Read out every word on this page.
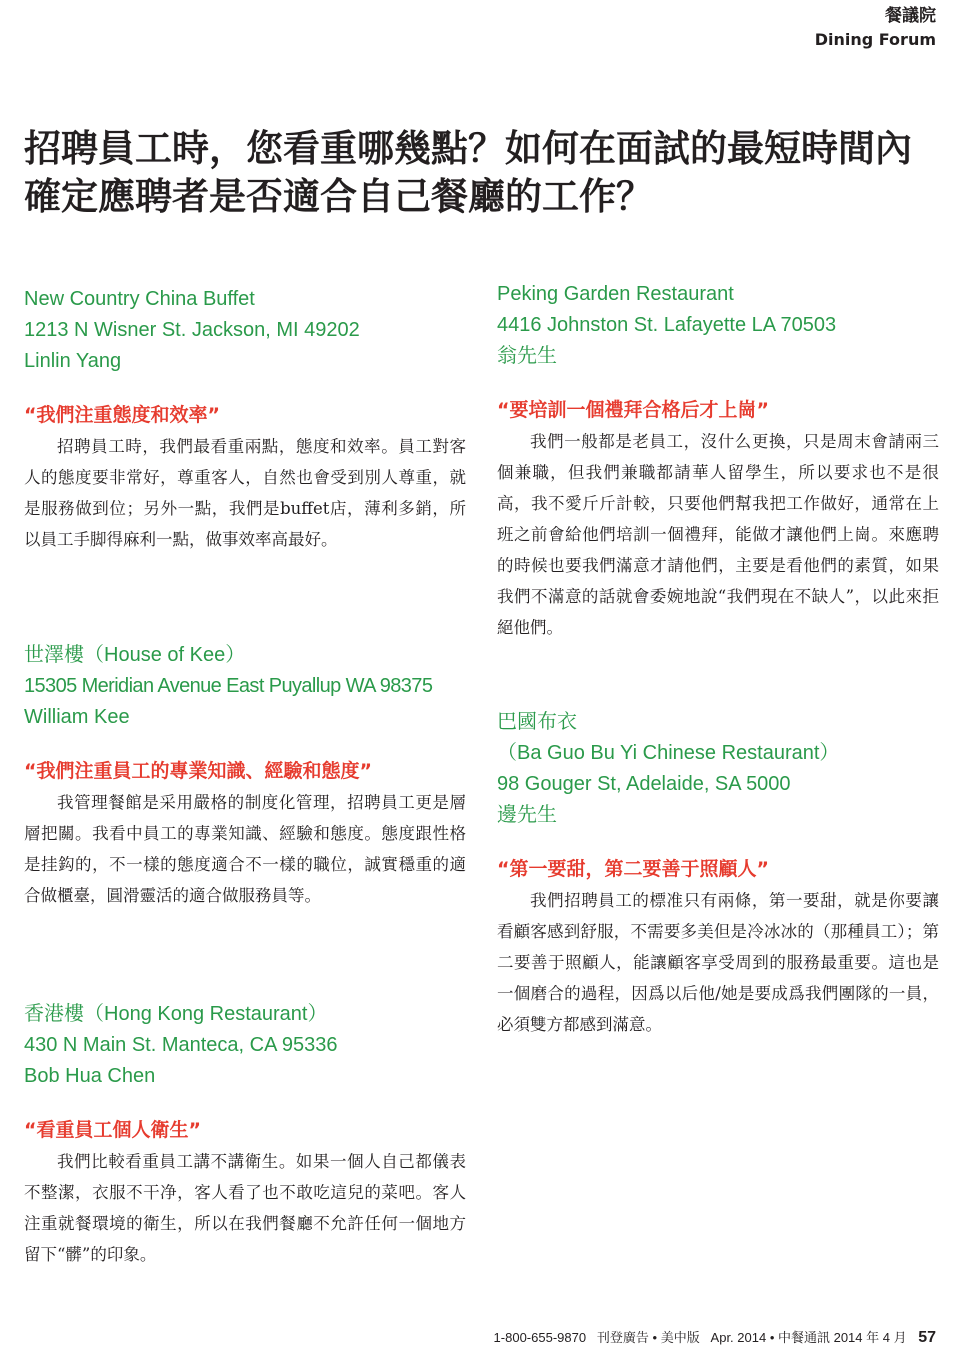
餐議院
Dining Forum
招聘員工時，您看重哪幾點？如何在面試的最短時間內確定應聘者是否適合自己餐廳的工作？
New Country China Buffet
1213 N Wisner St. Jackson, MI 49202
Linlin Yang
“我們注重態度和效率”

招聘員工時，我們最看重兩點，態度和效率。員工對客人的態度要非常好，尊重客人，自然也會受到別人尊重，就是服務做到位；另外一點，我們是buffet店，薄利多銷，所以員工手脚得麻利一點，做事效率高最好。

世澤樓（House of Kee）
15305 Meridian Avenue East Puyallup WA 98375
William Kee
“我們注重員工的專業知識、經驗和態度”

我管理餐館是采用嚴格的制度化管理，招聘員工更是層層把關。我看中員工的專業知識、經驗和態度。態度跟性格是挂鈎的，不一樣的態度適合不一樣的職位，誠實穩重的適合做櫃臺，圓滑靈活的適合做服務員等。

香港樓（Hong Kong Restaurant）
430 N Main St. Manteca, CA 95336
Bob Hua Chen
“看重員工個人衛生”

我們比較看重員工講不講衛生。如果一個人自己都儀表不整潔，衣服不干净，客人看了也不敢吃這兒的菜吧。客人注重就餐環境的衛生，所以在我們餐廳不允許任何一個地方留下“髒”的印象。

Peking Garden Restaurant
4416 Johnston St. Lafayette LA 70503
翁先生
“要培訓一個禮拜合格后才上崗”

我們一般都是老員工，沒什么更換，只是周末會請兩三個兼職，但我們兼職都請華人留學生，所以要求也不是很高，我不愛斤斤計較，只要他們幫我把工作做好，通常在上班之前會給他們培訓一個禮拜，能做才讓他們上崗。來應聘的時候也要我們滿意才請他們，主要是看他們的素質，如果我們不滿意的話就會委婉地說“我們現在不缺人”，以此來拒絕他們。

巴國布衣
（Ba Guo Bu Yi Chinese Restaurant）
98 Gouger St, Adelaide, SA 5000
邊先生
“第一要甜，第二要善于照顧人”

我們招聘員工的標准只有兩條，第一要甜，就是你要讓看顧客感到舒服，不需要多美但是冷冰冰的（那種員工）；第二要善于照顧人，能讓顧客享受周到的服務最重要。這也是一個磨合的過程，因爲以后他/她是要成爲我們團隊的一員，必須雙方都感到滿意。

1-800-655-9870 刊登廣告 • 美中版 Apr. 2014 • 中餐通訊 2014 年 4 月 57
